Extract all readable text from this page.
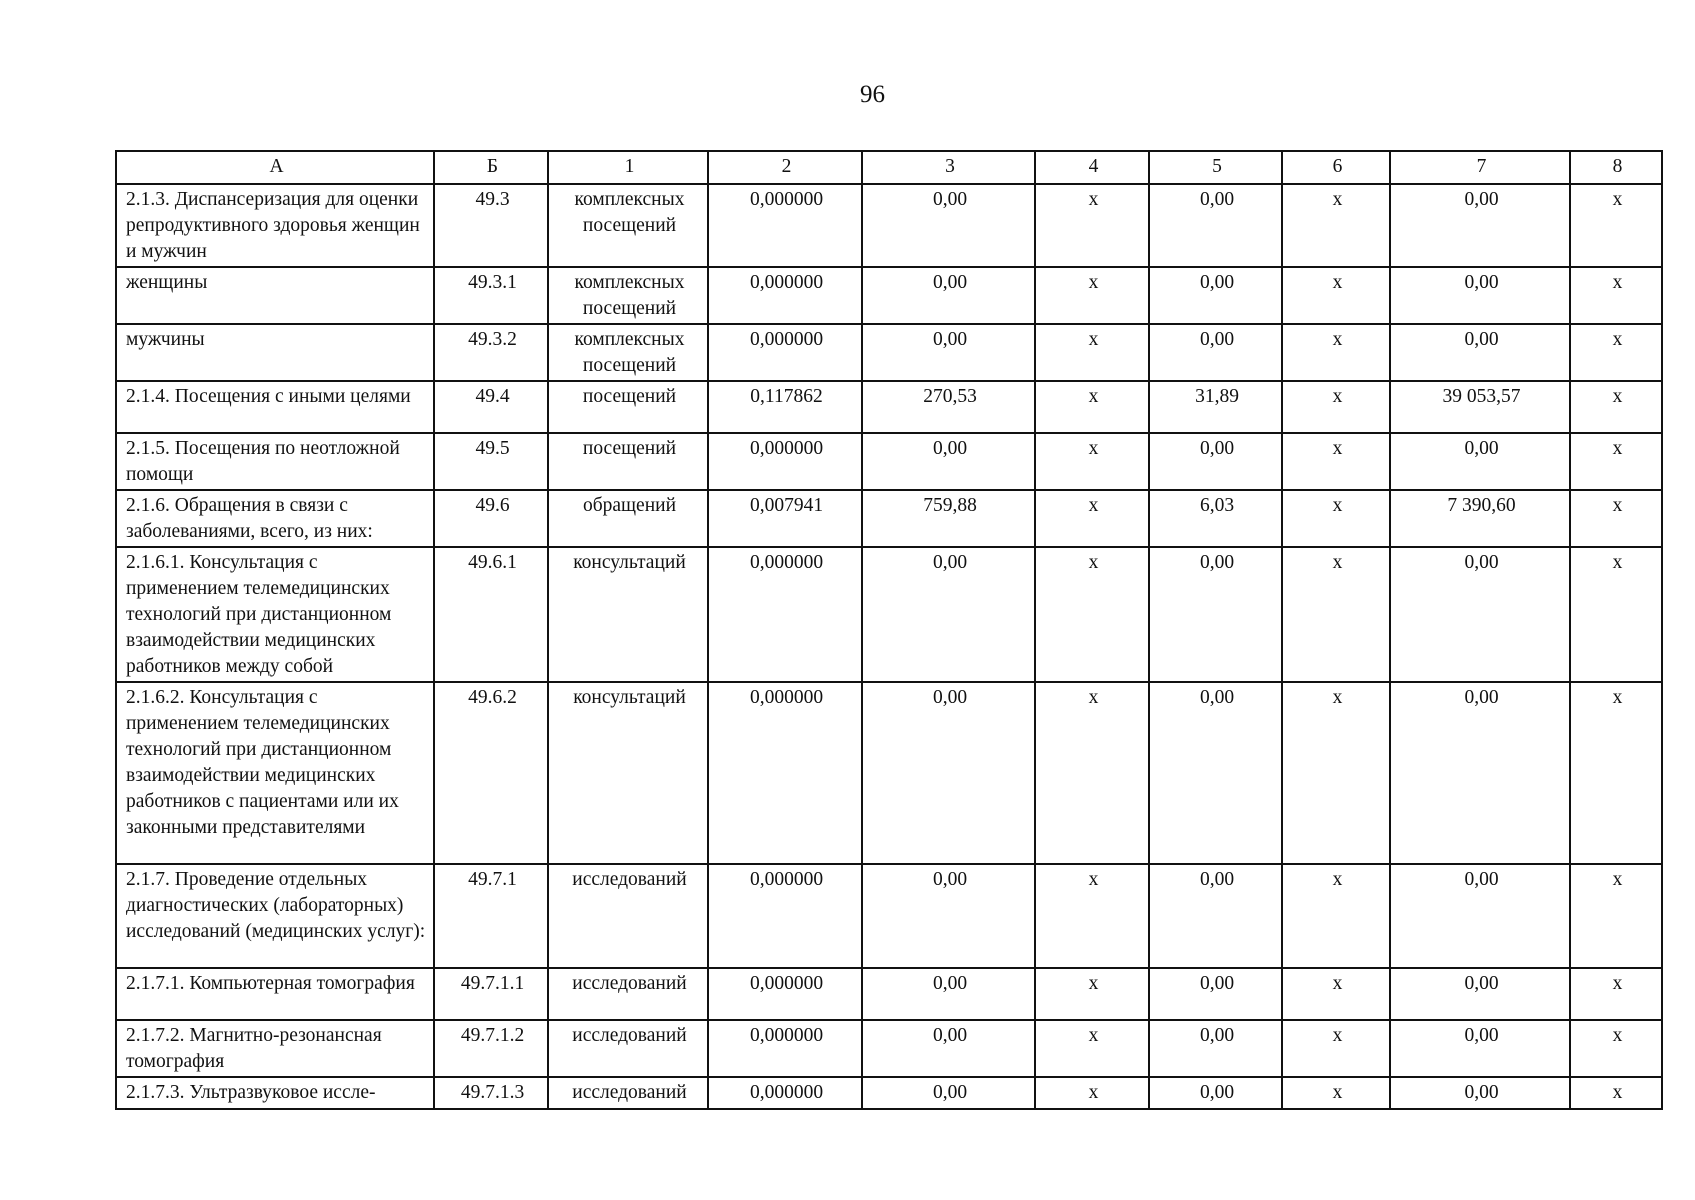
96
А	Б	1	2	3	4	5	6	7	8
2.1.3. Диспансеризация для оценки репродуктивного здоровья женщин и мужчин	49.3	комплексных посещений	0,000000	0,00	х	0,00	х	0,00	х
женщины	49.3.1	комплексных посещений	0,000000	0,00	х	0,00	х	0,00	х
мужчины	49.3.2	комплексных посещений	0,000000	0,00	х	0,00	х	0,00	х
2.1.4. Посещения с иными целями	49.4	посещений	0,117862	270,53	х	31,89	х	39 053,57	х
2.1.5. Посещения по неотложной помощи	49.5	посещений	0,000000	0,00	х	0,00	х	0,00	х
2.1.6. Обращения в связи с заболеваниями, всего, из них:	49.6	обращений	0,007941	759,88	х	6,03	х	7 390,60	х
2.1.6.1. Консультация с применением телемедицинских технологий при дистанционном взаимодействии медицинских работников между собой	49.6.1	консультаций	0,000000	0,00	х	0,00	х	0,00	х
2.1.6.2. Консультация с применением телемедицинских технологий при дистанционном взаимодействии медицинских работников с пациентами или их законными представителями	49.6.2	консультаций	0,000000	0,00	х	0,00	х	0,00	х
2.1.7. Проведение отдельных диагностических (лабораторных) исследований (медицинских услуг):	49.7.1	исследований	0,000000	0,00	х	0,00	х	0,00	х
2.1.7.1. Компьютерная томография	49.7.1.1	исследований	0,000000	0,00	х	0,00	х	0,00	х
2.1.7.2. Магнитно-резонансная томография	49.7.1.2	исследований	0,000000	0,00	х	0,00	х	0,00	х
2.1.7.3. Ультразвуковое иссле-	49.7.1.3	исследований	0,000000	0,00	х	0,00	х	0,00	х
